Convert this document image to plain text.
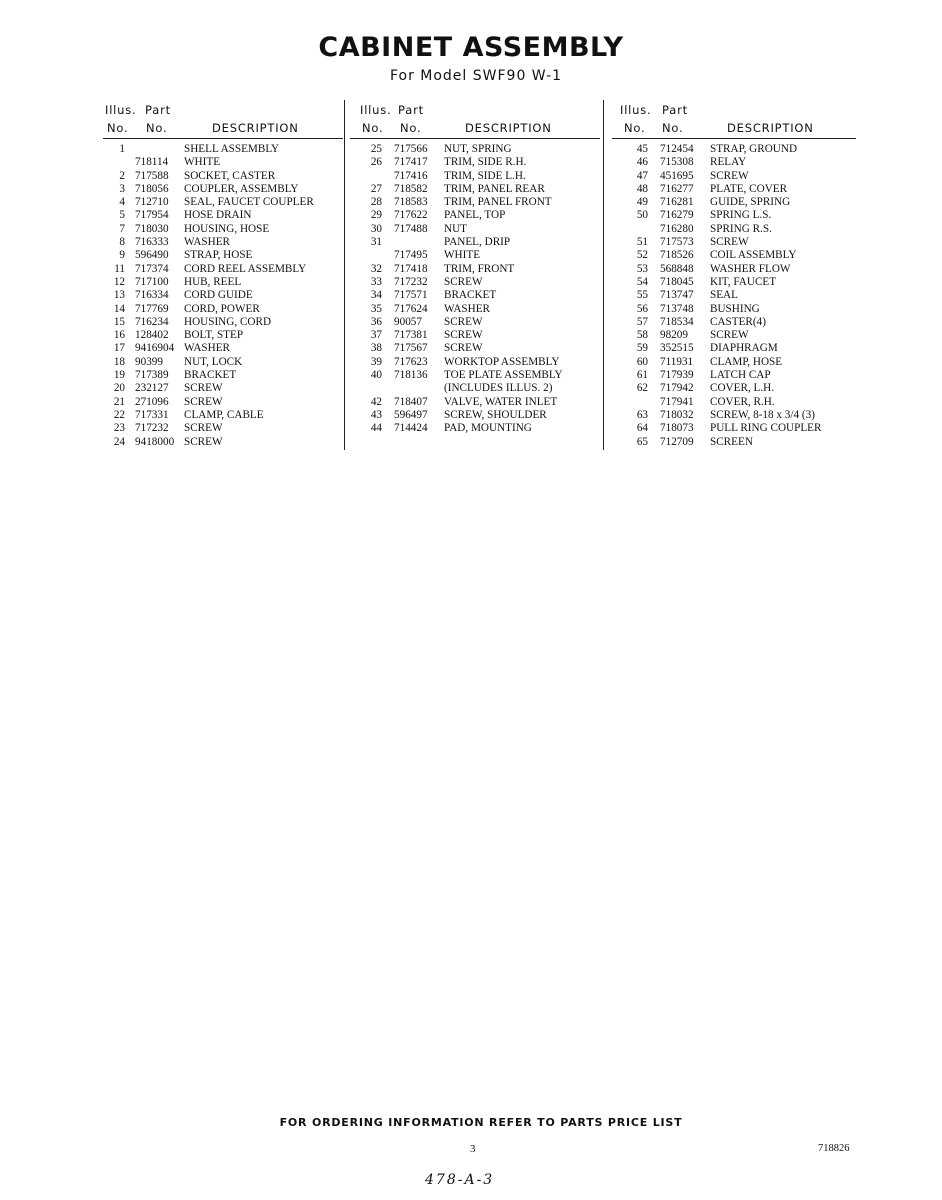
CABINET ASSEMBLY
For Model SWF90 W-1
Illus. Part
No. No.	DESCRIPTION
1	SHELL ASSEMBLY
718114 WHITE
2 717588 SOCKET, CASTER
3 718056 COUPLER, ASSEMBLY
4 712710 SEAL, FAUCET COUPLER
5 717954 HOSE DRAIN
7 718030 HOUSING, HOSE
8 716333 WASHER
9 596490 STRAP, HOSE
11 717374 CORD REEL ASSEMBLY
12 717100 HUB, REEL
13 716334 CORD GUIDE
14 717769 CORD, POWER
15 716234 HOUSING, CORD
16 128402 BOLT, STEP
17 9416904 WASHER
18 90399 NUT, LOCK
19 717389 BRACKET
20 232127 SCREW
21 271096 SCREW
22 717331 CLAMP, CABLE
23 717232 SCREW
24 9418000 SCREW
Illus. Part
No. No.	DESCRIPTION
25 717566 NUT, SPRING
26 717417 TRIM, SIDE R.H.
717416 TRIM, SIDE L.H.
27 718582 TRIM, PANEL REAR
28 718583 TRIM, PANEL FRONT
29 717622 PANEL, TOP
30 717488 NUT
31	PANEL, DRIP
717495 WHITE
32 717418 TRIM, FRONT
33 717232 SCREW
34 717571 BRACKET
35 717624 WASHER
36 90057 SCREW
37 717381 SCREW
38 717567 SCREW
39 717623 WORKTOP ASSEMBLY
40 718136 TOE PLATE ASSEMBLY
(INCLUDES ILLUS. 2)
42 718407 VALVE, WATER INLET
43 596497 SCREW, SHOULDER
44 714424 PAD, MOUNTING
Illus. Part
No. No.	DESCRIPTION
45 712454 STRAP, GROUND
46 715308 RELAY
47 451695 SCREW
48 716277 PLATE, COVER
49 716281 GUIDE, SPRING
50 716279 SPRING L.S.
716280 SPRING R.S.
51 717573 SCREW
52 718526 COIL ASSEMBLY
53 568848 WASHER FLOW
54 718045 KIT, FAUCET
55 713747 SEAL
56 713748 BUSHING
57 718534 CASTER(4)
58 98209 SCREW
59 352515 DIAPHRAGM
60 711931 CLAMP, HOSE
61 717939 LATCH CAP
62 717942 COVER, L.H.
717941 COVER, R.H.
63 718032 SCREW, 8-18 x 3/4 (3)
64 718073 PULL RING COUPLER
65 712709 SCREEN
FOR ORDERING INFORMATION REFER TO PARTS PRICE LIST
3	718826
478-A-3
